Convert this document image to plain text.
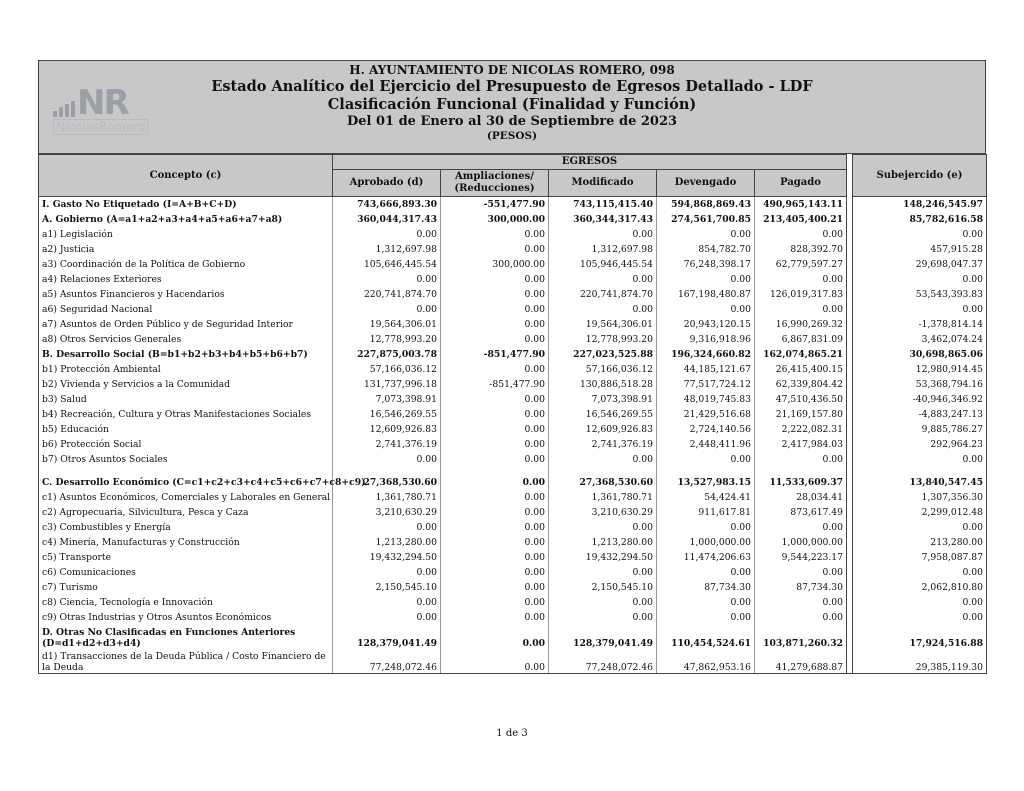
NR
NicolasRomero
H. AYUNTAMIENTO DE NICOLAS ROMERO, 098
Estado Analítico del Ejercicio del Presupuesto de Egresos Detallado - LDF
Clasificación Funcional (Finalidad y Función)
Del 01 de Enero al 30 de Septiembre de 2023
(PESOS)
Concepto (c)	EGRESOS						Subejercido (e)
	Aprobado (d)	Ampliaciones/ (Reducciones)	Modificado	Devengado	Pagado		
I. Gasto No Etiquetado (I=A+B+C+D)	743,666,893.30	-551,477.90	743,115,415.40	594,868,869.43	490,965,143.11		148,246,545.97
A. Gobierno (A=a1+a2+a3+a4+a5+a6+a7+a8)	360,044,317.43	300,000.00	360,344,317.43	274,561,700.85	213,405,400.21		85,782,616.58
a1) Legislación	0.00	0.00	0.00	0.00	0.00		0.00
a2) Justicia	1,312,697.98	0.00	1,312,697.98	854,782.70	828,392.70		457,915.28
a3) Coordinación de la Política de Gobierno	105,646,445.54	300,000.00	105,946,445.54	76,248,398.17	62,779,597.27		29,698,047.37
a4) Relaciones Exteriores	0.00	0.00	0.00	0.00	0.00		0.00
a5) Asuntos Financieros y Hacendarios	220,741,874.70	0.00	220,741,874.70	167,198,480.87	126,019,317.83		53,543,393.83
a6) Seguridad Nacional	0.00	0.00	0.00	0.00	0.00		0.00
a7) Asuntos de Orden Público y de Seguridad Interior	19,564,306.01	0.00	19,564,306.01	20,943,120.15	16,990,269.32		-1,378,814.14
a8) Otros Servicios Generales	12,778,993.20	0.00	12,778,993.20	9,316,918.96	6,867,831.09		3,462,074.24
B. Desarrollo Social (B=b1+b2+b3+b4+b5+b6+b7)	227,875,003.78	-851,477.90	227,023,525.88	196,324,660.82	162,074,865.21		30,698,865.06
b1) Protección Ambiental	57,166,036.12	0.00	57,166,036.12	44,185,121.67	26,415,400.15		12,980,914.45
b2) Vivienda y Servicios a la Comunidad	131,737,996.18	-851,477.90	130,886,518.28	77,517,724.12	62,339,804.42		53,368,794.16
b3) Salud	7,073,398.91	0.00	7,073,398.91	48,019,745.83	47,510,436.50		-40,946,346.92
b4) Recreación, Cultura y Otras Manifestaciones Sociales	16,546,269.55	0.00	16,546,269.55	21,429,516.68	21,169,157.80		-4,883,247.13
b5) Educación	12,609,926.83	0.00	12,609,926.83	2,724,140.56	2,222,082.31		9,885,786.27
b6) Protección Social	2,741,376.19	0.00	2,741,376.19	2,448,411.96	2,417,984.03		292,964.23
b7) Otros Asuntos Sociales	0.00	0.00	0.00	0.00	0.00		0.00

C. Desarrollo Económico (C=c1+c2+c3+c4+c5+c6+c7+c8+c9)	27,368,530.60	0.00	27,368,530.60	13,527,983.15	11,533,609.37		13,840,547.45
c1) Asuntos Económicos, Comerciales y Laborales en General	1,361,780.71	0.00	1,361,780.71	54,424.41	28,034.41		1,307,356.30
c2) Agropecuaria, Silvicultura, Pesca y Caza	3,210,630.29	0.00	3,210,630.29	911,617.81	873,617.49		2,299,012.48
c3) Combustibles y Energía	0.00	0.00	0.00	0.00	0.00		0.00
c4) Minería, Manufacturas y Construcción	1,213,280.00	0.00	1,213,280.00	1,000,000.00	1,000,000.00		213,280.00
c5) Transporte	19,432,294.50	0.00	19,432,294.50	11,474,206.63	9,544,223.17		7,958,087.87
c6) Comunicaciones	0.00	0.00	0.00	0.00	0.00		0.00
c7) Turismo	2,150,545.10	0.00	2,150,545.10	87,734.30	87,734.30		2,062,810.80
c8) Ciencia, Tecnología e Innovación	0.00	0.00	0.00	0.00	0.00		0.00
c9) Otras Industrias y Otros Asuntos Económicos	0.00	0.00	0.00	0.00	0.00		0.00
D. Otras No Clasificadas en Funciones Anteriores (D=d1+d2+d3+d4)	128,379,041.49	0.00	128,379,041.49	110,454,524.61	103,871,260.32		17,924,516.88
d1) Transacciones de la Deuda Pública / Costo Financiero de la Deuda	77,248,072.46	0.00	77,248,072.46	47,862,953.16	41,279,688.87		29,385,119.30
1 de 3
